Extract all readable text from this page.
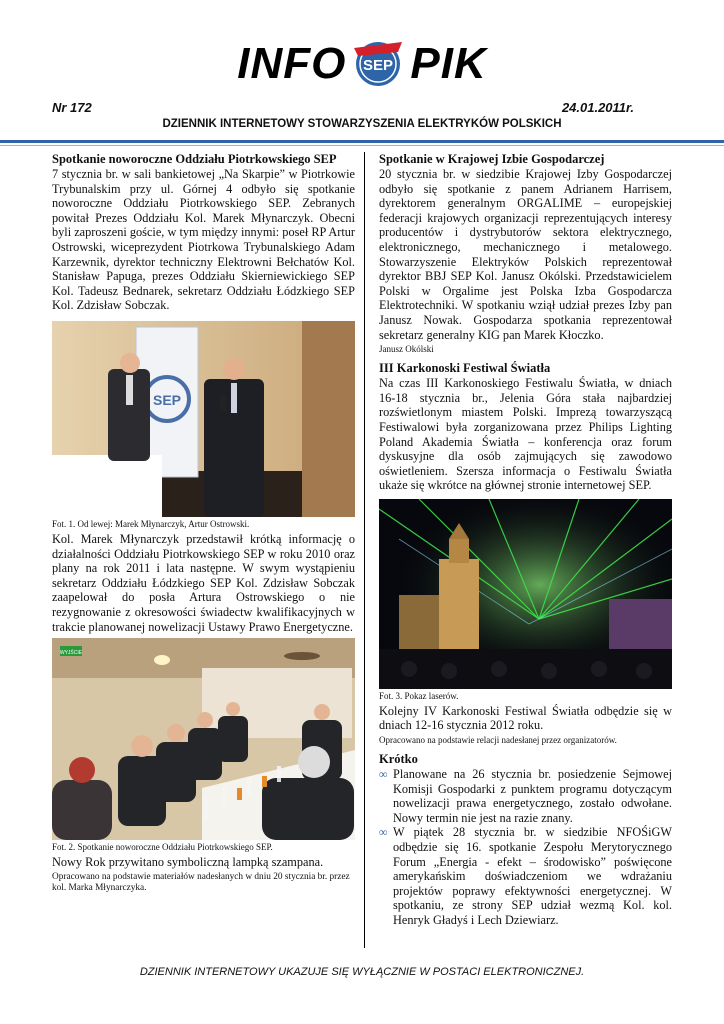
INFO SEP PIK
Nr 172	24.01.2011r.
DZIENNIK INTERNETOWY STOWARZYSZENIA ELEKTRYKÓW POLSKICH
Spotkanie noworoczne Oddziału Piotrkowskiego SEP

7 stycznia br. w sali bankietowej „Na Skarpie” w Piotrkowie Trybunalskim przy ul. Górnej 4 odbyło się spotkanie noworoczne Oddziału Piotrkowskiego SEP. Zebranych powitał Prezes Oddziału Kol. Marek Młynarczyk. Obecni byli zaproszeni goście, w tym między innymi: poseł RP Artur Ostrowski, wiceprezydent Piotrkowa Trybunalskiego Adam Karzewnik, dyrektor techniczny Elektrowni Bełchatów Kol. Stanisław Papuga, prezes Oddziału Skierniewickiego SEP Kol. Tadeusz Bednarek, sekretarz Oddziału Łódzkiego SEP Kol. Zdzisław Sobczak.

SEP
Fot. 1. Od lewej: Marek Młynarczyk, Artur Ostrowski.

Kol. Marek Młynarczyk przedstawił krótką informację o działalności Oddziału Piotrkowskiego SEP w roku 2010 oraz plany na rok 2011 i lata następne. W swym wystąpieniu sekretarz Oddziału Łódzkiego SEP Kol. Zdzisław Sobczak zaapelował do posła Artura Ostrowskiego o nie rezygnowanie z okresowości świadectw kwalifikacyjnych w trakcie planowanej nowelizacji Ustawy Prawo Energetyczne.

WYJŚCIE
Fot. 2. Spotkanie noworoczne Oddziału Piotrkowskiego SEP.

Nowy Rok przywitano symboliczną lampką szampana.

Opracowano na podstawie materiałów nadesłanych w dniu 20 stycznia br. przez kol. Marka Młynarczyka.
Spotkanie w Krajowej Izbie Gospodarczej

20 stycznia br. w siedzibie Krajowej Izby Gospodarczej odbyło się spotkanie z panem Adrianem Harrisem, dyrektorem generalnym ORGALIME – europejskiej federacji krajowych organizacji reprezentujących interesy producentów i dystrybutorów sektora elektrycznego, elektronicznego, mechanicznego i metalowego. Stowarzyszenie Elektryków Polskich reprezentował dyrektor BBJ SEP Kol. Janusz Okólski. Przedstawicielem Polski w Orgalime jest Polska Izba Gospodarcza Elektrotechniki. W spotkaniu wziął udział prezes Izby pan Janusz Nowak. Gospodarza spotkania reprezentował sekretarz generalny KIG pan Marek Kłoczko.

Janusz Okólski
III Karkonoski Festiwal Światła

Na czas III Karkonoskiego Festiwalu Światła, w dniach 16-18 stycznia br., Jelenia Góra stała najbardziej rozświetlonym miastem Polski. Imprezą towarzyszącą Festiwalowi była zorganizowana przez Philips Lighting Poland Akademia Światła – konferencja oraz forum dyskusyjne dla osób zajmujących się zawodowo oświetleniem. Szersza informacja o Festiwalu Światła ukaże się wkrótce na głównej stronie internetowej SEP.

Fot. 3. Pokaz laserów.

Kolejny IV Karkonoski Festiwal Światła odbędzie się w dniach 12-16 stycznia 2012 roku.

Opracowano na podstawie relacji nadesłanej przez organizatorów.
Krótko
∞ Planowane na 26 stycznia br. posiedzenie Sejmowej Komisji Gospodarki z punktem programu dotyczącym nowelizacji prawa energetycznego, zostało odwołane. Nowy termin nie jest na razie znany.

∞ W piątek 28 stycznia br. w siedzibie NFOŚiGW odbędzie się 16. spotkanie Zespołu Merytorycznego Forum „Energia - efekt – środowisko” poświęcone amerykańskim doświadczeniom we wdrażaniu projektów poprawy efektywności energetycznej. W spotkaniu, ze strony SEP udział wezmą Kol. kol. Henryk Gładyś i Lech Dziewiarz.

DZIENNIK INTERNETOWY UKAZUJE SIĘ WYŁĄCZNIE W POSTACI ELEKTRONICZNEJ.
